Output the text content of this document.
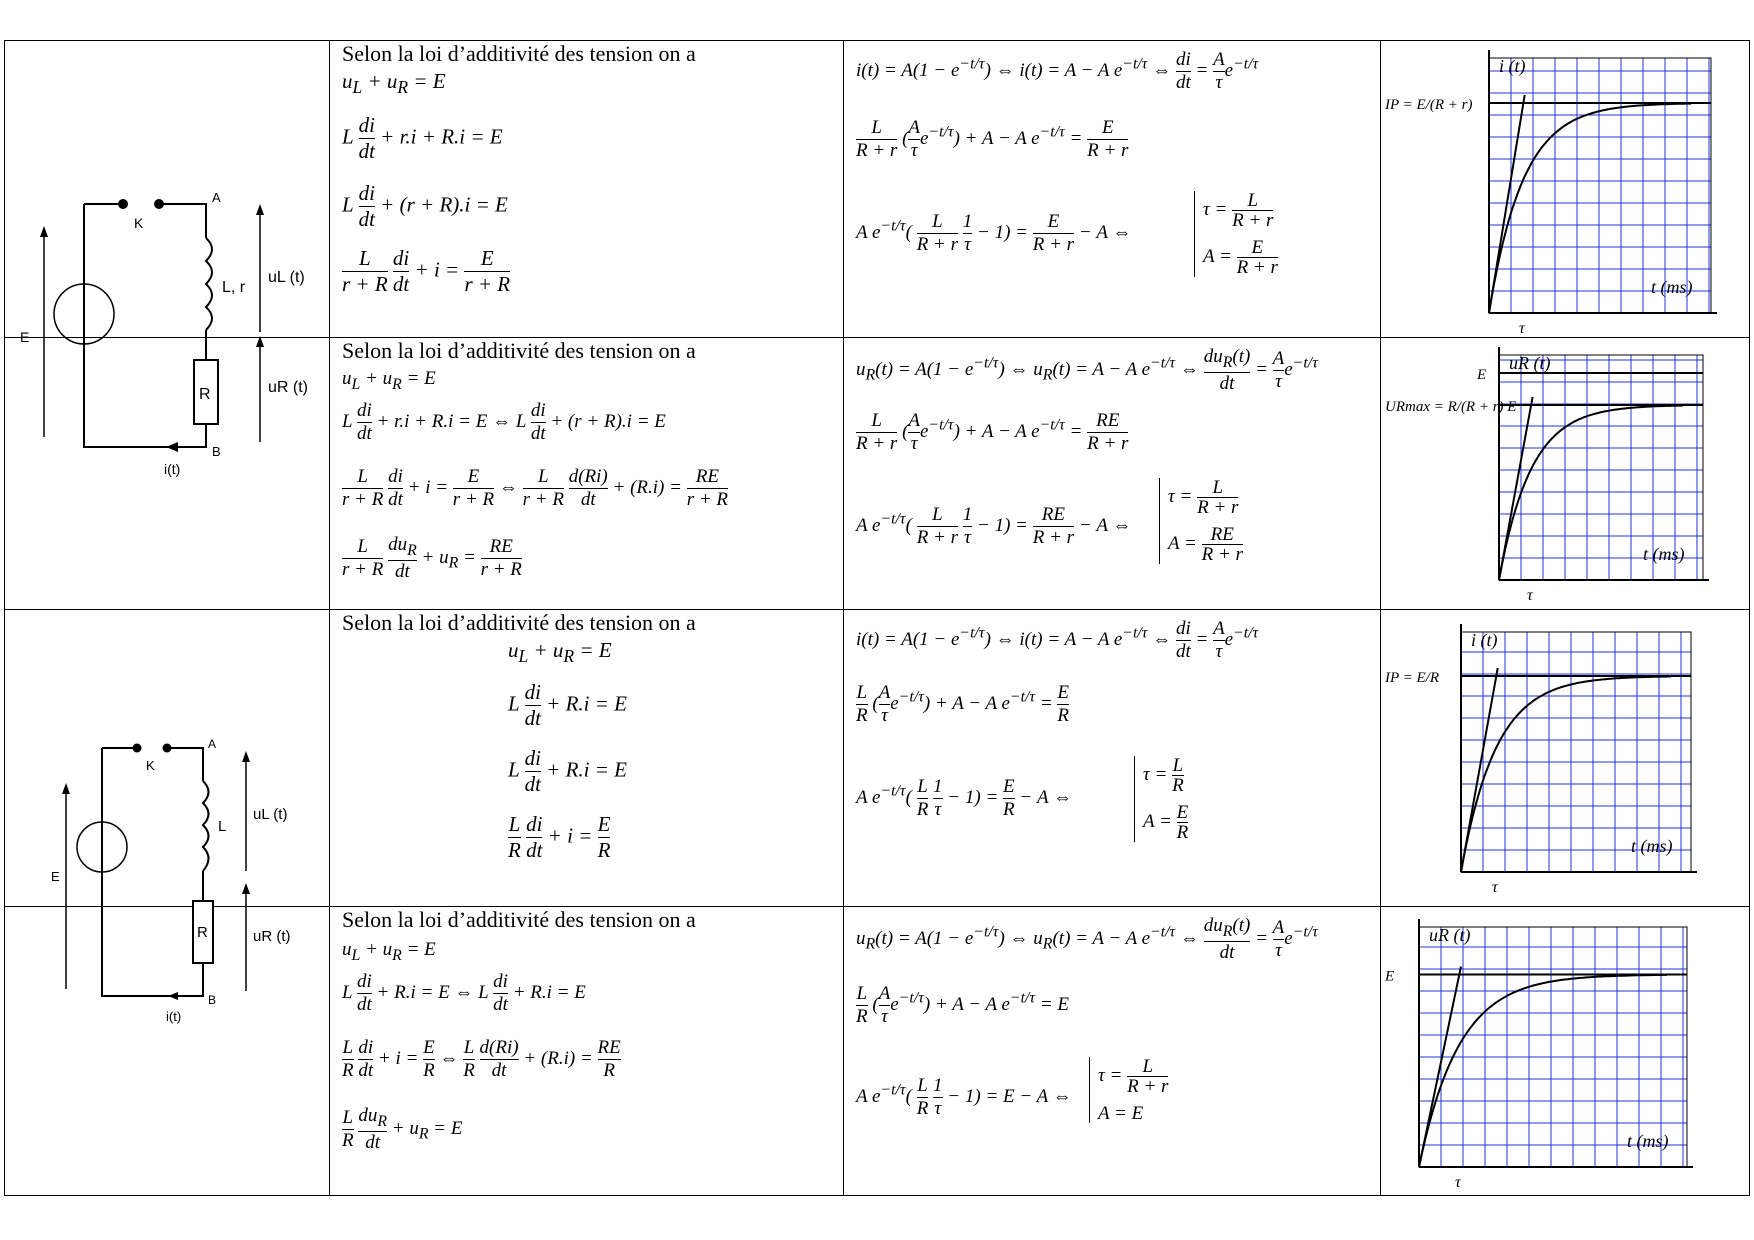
Selon la loi d’additivité des tension on a
$u_L + u_R = E$
L $\frac{di}{dt} + r.i + R.i = E$
L $\frac{di}{dt} + (r + R).i = E$
$\frac{L}{r + R}$
$\frac{di}{dt} + i = \frac{E}{r + R}$
$i(t) = A(1 - e^{-t/\tau})$ ⇔ i(t) = A − A $e^{-t/\tau}$ ⇔ $\frac{di}{dt} = \frac{A}{\tau} e^{-t/\tau}$
$\frac{L}{R + r}$ ( $\frac{A}{\tau} e^{-t/\tau}) + A - A$ $e^{-t/\tau} = \frac{E}{R + r}$
A $e^{-t/\tau}( \frac{L}{R + r}$
$\frac{1}{\tau} - 1) = \frac{E}{R + r} - A$ ⇔
$\tau = \frac{L}{R + r}$
$A = \frac{E}{R + r}$
i (t)
t (ms)
τ
IP = E/(R + r)
Selon la loi d’additivité des tension on a
$u_L + u_R = E$
L $\frac{di}{dt} + r.i + R.i = E$ ⇔ L $\frac{di}{dt} + (r + R).i = E$
$\frac{L}{r + R}$
$\frac{di}{dt} + i = \frac{E}{r + R}$ ⇔ $\frac{L}{r + R}$
$\frac{d(Ri)}{dt} + (R.i) = \frac{RE}{r + R}$
$\frac{L}{r + R}$
$du_R$
dt
+ $u_R = \frac{RE}{r + R}$
$u_R(t) = A(1 - e^{-t/\tau})$ ⇔ $u_R(t) = A - A$ $e^{-t/\tau}$ ⇔
$du_R(t)$
dt
= $\frac{A}{\tau} e^{-t/\tau}$
$\frac{L}{R + r}$ ( $\frac{A}{\tau} e^{-t/\tau}) + A - A$ $e^{-t/\tau} = \frac{RE}{R + r}$
A $e^{-t/\tau}( \frac{L}{R + r}$
$\frac{1}{\tau} - 1) = \frac{RE}{R + r} - A$ ⇔
$\tau = \frac{L}{R + r}$
$A = \frac{RE}{R + r}$
uR (t)
t (ms)
τ
URmax = R/(R + r) E
E
Selon la loi d’additivité des tension on a
$u_L + u_R = E$
L $\frac{di}{dt} + R.i = E$
L $\frac{di}{dt} + R.i = E$
$\frac{L}{R}$
$\frac{di}{dt} + i = \frac{E}{R}$
$i(t) = A(1 - e^{-t/\tau})$ ⇔ i(t) = A − A $e^{-t/\tau}$ ⇔ $\frac{di}{dt} = \frac{A}{\tau} e^{-t/\tau}$
$\frac{L}{R}$ ( $\frac{A}{\tau} e^{-t/\tau}) + A - A$ $e^{-t/\tau} = \frac{E}{R}$
A $e^{-t/\tau}( \frac{L}{R}$
$\frac{1}{\tau} - 1) = \frac{E}{R} - A$ ⇔
$\tau = \frac{L}{R}$
$A = \frac{E}{R}$
i (t)
t (ms)
τ
IP = E/R
Selon la loi d’additivité des tension on a
$u_L + u_R = E$
L $\frac{di}{dt} + R.i = E$ ⇔ L $\frac{di}{dt} + R.i = E$
$\frac{L}{R}$
$\frac{di}{dt} + i = \frac{E}{R}$ ⇔ $\frac{L}{R}$
$\frac{d(Ri)}{dt} + (R.i) = \frac{RE}{R}$
$\frac{L}{R}$
$du_R$
dt
+ $u_R = E$
$u_R(t) = A(1 - e^{-t/\tau})$ ⇔ $u_R(t) = A - A$ $e^{-t/\tau}$ ⇔
$du_R(t)$
dt
= $\frac{A}{\tau} e^{-t/\tau}$
$\frac{L}{R}$ ( $\frac{A}{\tau} e^{-t/\tau}) + A - A$ $e^{-t/\tau} = E$
A $e^{-t/\tau}( \frac{L}{R}$
$\frac{1}{\tau} - 1) = E - A$ ⇔
$\tau = \frac{L}{R + r}$
A = E
uR (t)
t (ms)
τ
E
K
A
B
L, r
R
uL (t)
uR (t)
i(t)
E
K
A
B
L
R
uL (t)
uR (t)
i(t)
E
